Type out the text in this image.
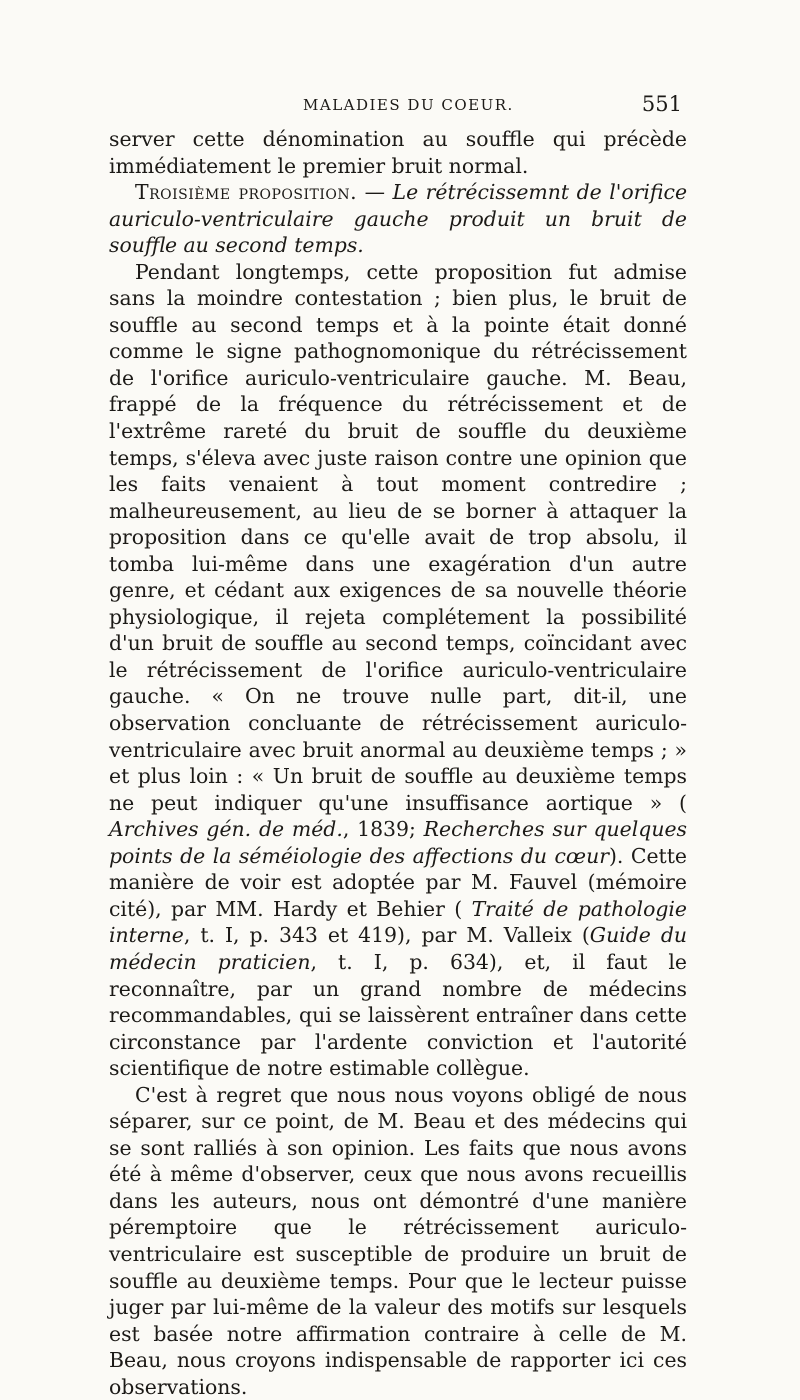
MALADIES DU COEUR.	551

server cette dénomination au souffle qui précède immédiatement le premier bruit normal.

Troisième proposition. — Le rétrécissemnt de l'orifice auriculo-ventriculaire gauche produit un bruit de souffle au second temps.

Pendant longtemps, cette proposition fut admise sans la moindre contestation ; bien plus, le bruit de souffle au second temps et à la pointe était donné comme le signe pathognomonique du rétrécissement de l'orifice auriculo-ventriculaire gauche. M. Beau, frappé de la fréquence du rétrécissement et de l'extrême rareté du bruit de souffle du deuxième temps, s'éleva avec juste raison contre une opinion que les faits venaient à tout moment contredire ; malheureusement, au lieu de se borner à attaquer la proposition dans ce qu'elle avait de trop absolu, il tomba lui-même dans une exagération d'un autre genre, et cédant aux exigences de sa nouvelle théorie physiologique, il rejeta complétement la possibilité d'un bruit de souffle au second temps, coïncidant avec le rétrécissement de l'orifice auriculo-ventriculaire gauche. « On ne trouve nulle part, dit-il, une observation concluante de rétrécissement auriculo-ventriculaire avec bruit anormal au deuxième temps ; » et plus loin : « Un bruit de souffle au deuxième temps ne peut indiquer qu'une insuffisance aortique » ( Archives gén. de méd., 1839; Recherches sur quelques points de la séméiologie des affections du cœur). Cette manière de voir est adoptée par M. Fauvel (mémoire cité), par MM. Hardy et Behier ( Traité de pathologie interne, t. I, p. 343 et 419), par M. Valleix (Guide du médecin praticien, t. I, p. 634), et, il faut le reconnaître, par un grand nombre de médecins recommandables, qui se laissèrent entraîner dans cette circonstance par l'ardente conviction et l'autorité scientifique de notre estimable collègue.

C'est à regret que nous nous voyons obligé de nous séparer, sur ce point, de M. Beau et des médecins qui se sont ralliés à son opinion. Les faits que nous avons été à même d'observer, ceux que nous avons recueillis dans les auteurs, nous ont démontré d'une manière péremptoire que le rétrécissement auriculo-ventriculaire est susceptible de produire un bruit de souffle au deuxième temps. Pour que le lecteur puisse juger par lui-même de la valeur des motifs sur lesquels est basée notre affirmation contraire à celle de M. Beau, nous croyons indispensable de rapporter ici ces observations.
